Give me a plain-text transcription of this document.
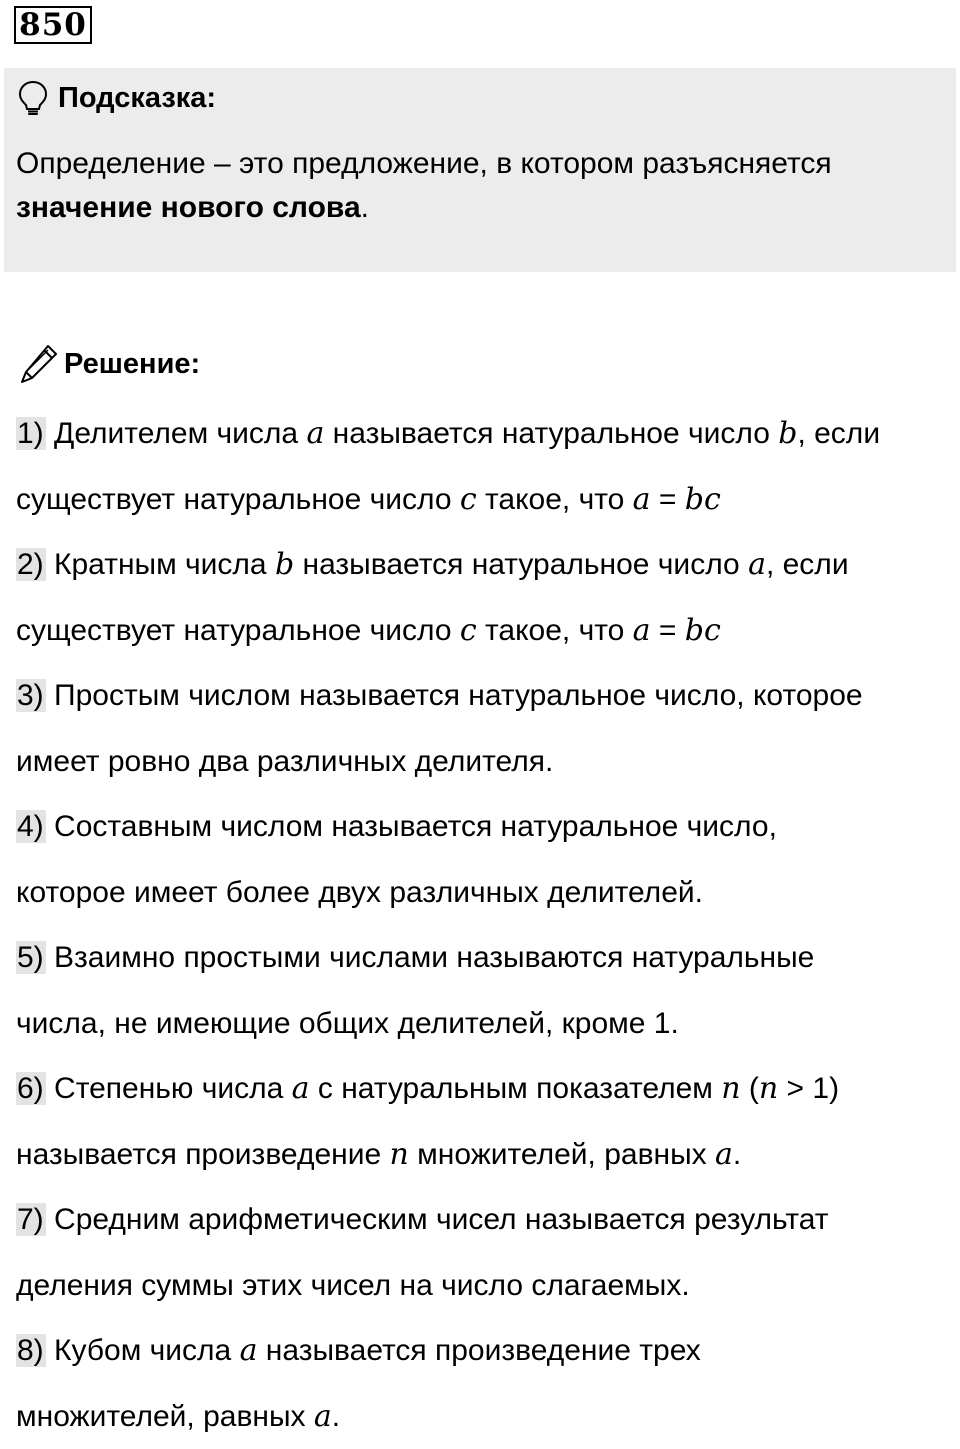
850
Подсказка:
Определение – это предложение, в котором разъясняется
значение нового слова.
Решение:
1) Делителем числа a называется натуральное число b, если
существует натуральное число c такое, что a = bc
2) Кратным числа b называется натуральное число a, если
существует натуральное число c такое, что a = bc
3) Простым числом называется натуральное число, которое
имеет ровно два различных делителя.
4) Составным числом называется натуральное число,
которое имеет более двух различных делителей.
5) Взаимно простыми числами называются натуральные
числа, не имеющие общих делителей, кроме 1.
6) Степенью числа a с натуральным показателем n (n > 1)
называется произведение n множителей, равных a.
7) Средним арифметическим чисел называется результат
деления суммы этих чисел на число слагаемых.
8) Кубом числа a называется произведение трех
множителей, равных a.
